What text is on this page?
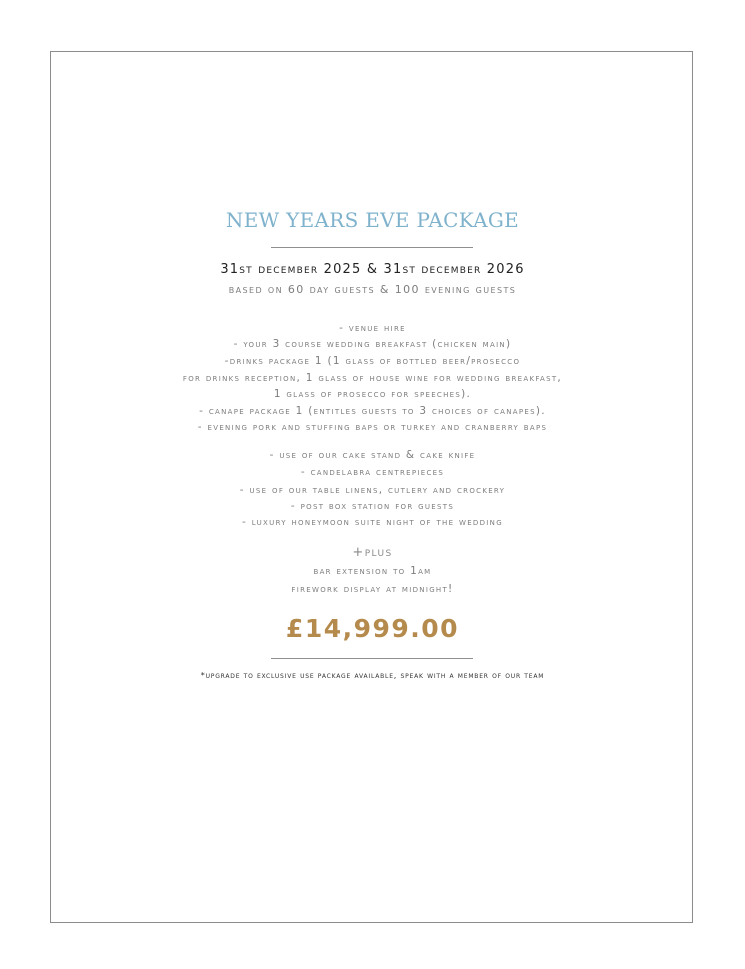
NEW YEARS EVE PACKAGE
31st december 2025 & 31st december 2026
based on 60 day guests & 100 evening guests
- venue hire
- your 3 course wedding breakfast (chicken main)
-drinks package 1 (1 glass of bottled beer/prosecco
for drinks reception, 1 glass of house wine for wedding breakfast,
1 glass of prosecco for speeches).
- canape package 1 (entitles guests to 3 choices of canapes).
- evening pork and stuffing baps or turkey and cranberry baps
- use of our cake stand & cake knife
- candelabra centrepieces
- use of our table linens, cutlery and crockery
- post box station for guests
- luxury honeymoon suite night of the wedding
+plus
bar extension to 1am
firework display at midnight!
£14,999.00
*upgrade to exclusive use package available, speak with a member of our team
